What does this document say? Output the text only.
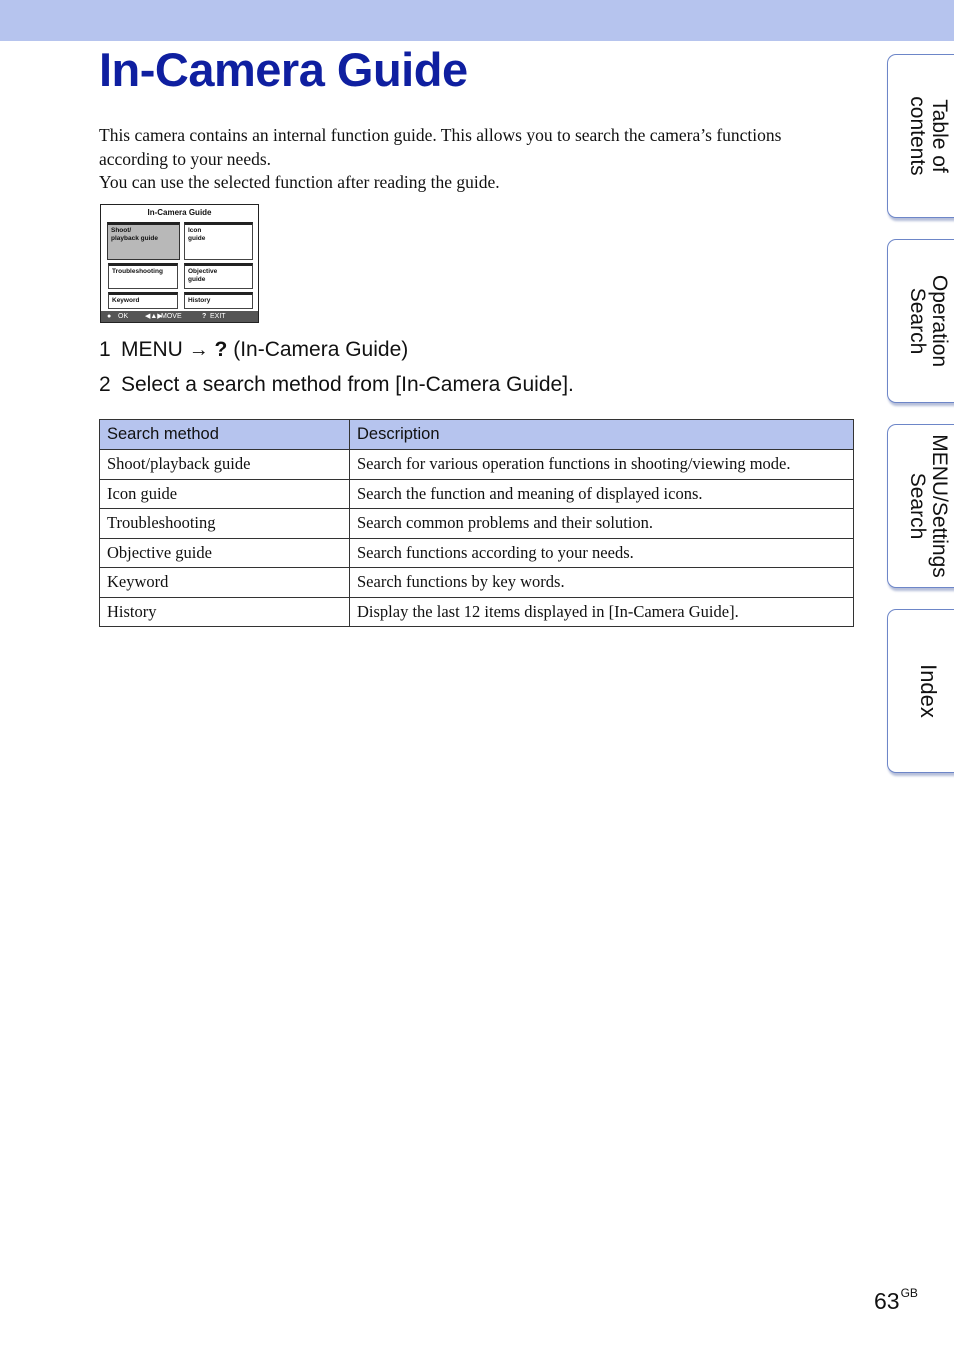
In-Camera Guide

This camera contains an internal function guide. This allows you to search the camera’s functions according to your needs.

You can use the selected function after reading the guide.

In-Camera Guide
Shoot/
playback guide
Icon
guide
Troubleshooting	Objective
guide
Keyword	History
● OK ◀▲▶
MOVE	? EXIT
1 MENU → ? (In-Camera Guide)
2 Select a search method from [In-Camera Guide].
Search method	Description
Shoot/playback guide	Search for various operation functions in shooting/viewing mode.
Icon guide	Search the function and meaning of displayed icons.
Troubleshooting	Search common problems and their solution.
Objective guide	Search functions according to your needs.
Keyword	Search functions by key words.
History	Display the last 12 items displayed in [In-Camera Guide].
Table of
contents
Operation
Search
MENU/Settings
Search
Index
$63^{GB}$
